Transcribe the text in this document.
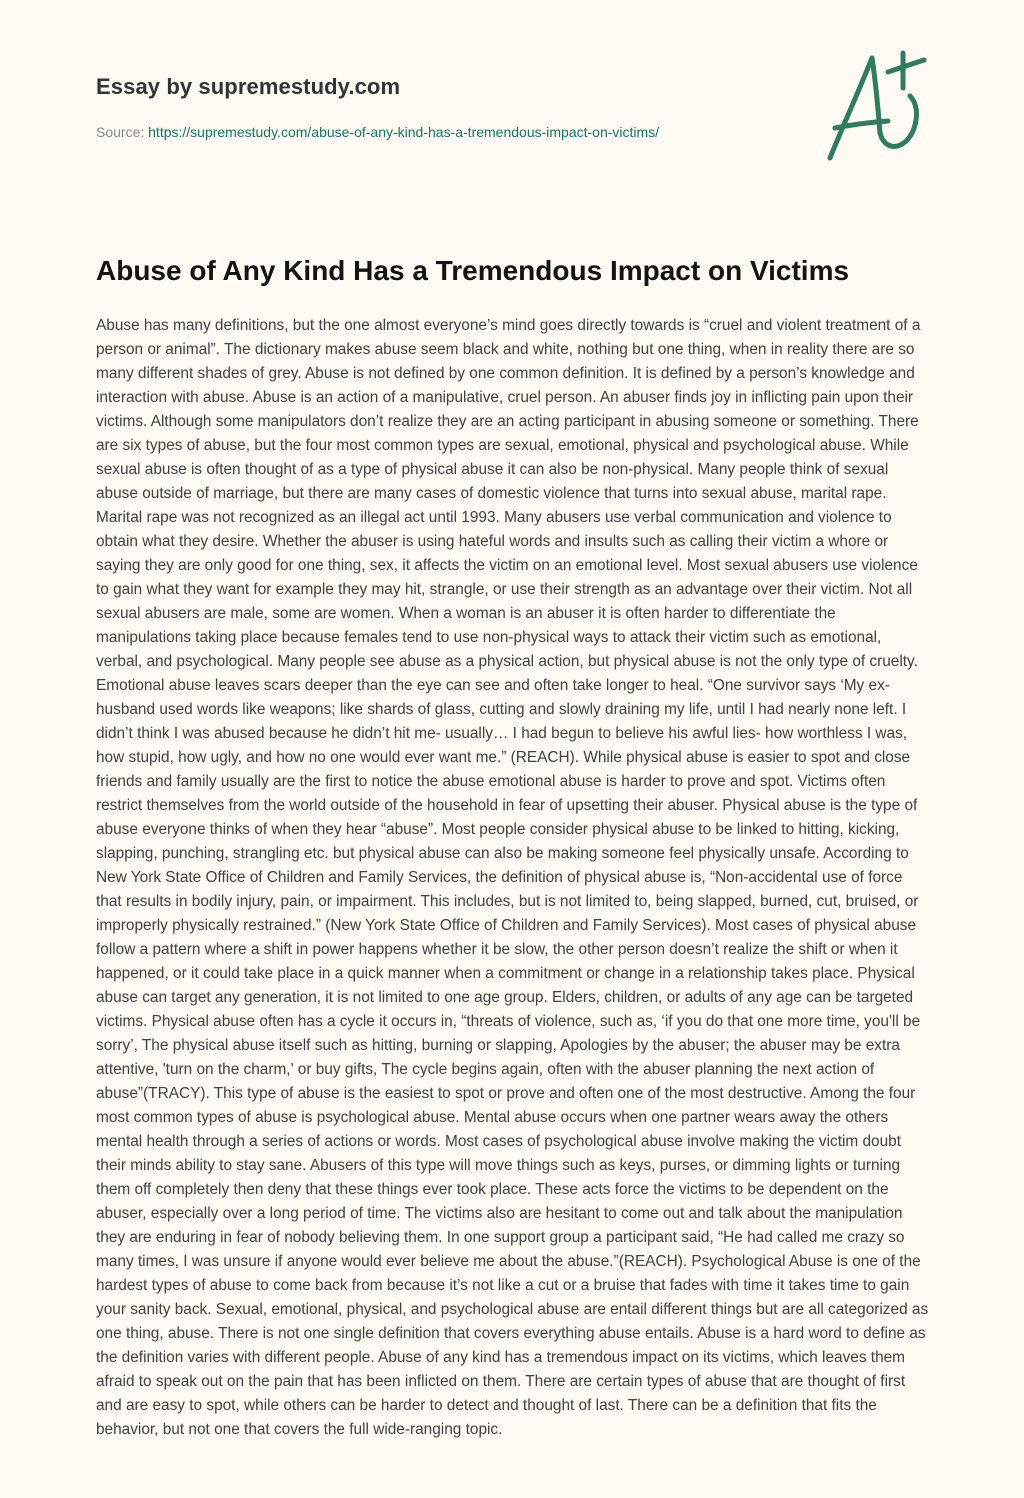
Essay by supremestudy.com
Source: https://supremestudy.com/abuse-of-any-kind-has-a-tremendous-impact-on-victims/
Abuse of Any Kind Has a Tremendous Impact on Victims

Abuse has many definitions, but the one almost everyone’s mind goes directly towards is “cruel and violent treatment of a person or animal”. The dictionary makes abuse seem black and white, nothing but one thing, when in reality there are so many different shades of grey. Abuse is not defined by one common definition. It is defined by a person’s knowledge and interaction with abuse. Abuse is an action of a manipulative, cruel person. An abuser finds joy in inflicting pain upon their victims. Although some manipulators don’t realize they are an acting participant in abusing someone or something. There are six types of abuse, but the four most common types are sexual, emotional, physical and psychological abuse. While sexual abuse is often thought of as a type of physical abuse it can also be non-physical. Many people think of sexual abuse outside of marriage, but there are many cases of domestic violence that turns into sexual abuse, marital rape. Marital rape was not recognized as an illegal act until 1993. Many abusers use verbal communication and violence to obtain what they desire. Whether the abuser is using hateful words and insults such as calling their victim a whore or saying they are only good for one thing, sex, it affects the victim on an emotional level. Most sexual abusers use violence to gain what they want for example they may hit, strangle, or use their strength as an advantage over their victim. Not all sexual abusers are male, some are women. When a woman is an abuser it is often harder to differentiate the manipulations taking place because females tend to use non-physical ways to attack their victim such as emotional, verbal, and psychological. Many people see abuse as a physical action, but physical abuse is not the only type of cruelty. Emotional abuse leaves scars deeper than the eye can see and often take longer to heal. “One survivor says ‘My ex-husband used words like weapons; like shards of glass, cutting and slowly draining my life, until I had nearly none left. I didn’t think I was abused because he didn’t hit me- usually… I had begun to believe his awful lies- how worthless I was, how stupid, how ugly, and how no one would ever want me.” (REACH). While physical abuse is easier to spot and close friends and family usually are the first to notice the abuse emotional abuse is harder to prove and spot. Victims often restrict themselves from the world outside of the household in fear of upsetting their abuser. Physical abuse is the type of abuse everyone thinks of when they hear “abuse”. Most people consider physical abuse to be linked to hitting, kicking, slapping, punching, strangling etc. but physical abuse can also be making someone feel physically unsafe. According to New York State Office of Children and Family Services, the definition of physical abuse is, “Non-accidental use of force that results in bodily injury, pain, or impairment. This includes, but is not limited to, being slapped, burned, cut, bruised, or improperly physically restrained.” (New York State Office of Children and Family Services). Most cases of physical abuse follow a pattern where a shift in power happens whether it be slow, the other person doesn’t realize the shift or when it happened, or it could take place in a quick manner when a commitment or change in a relationship takes place. Physical abuse can target any generation, it is not limited to one age group. Elders, children, or adults of any age can be targeted victims. Physical abuse often has a cycle it occurs in, “threats of violence, such as, ‘if you do that one more time, you'll be sorry’, The physical abuse itself such as hitting, burning or slapping, Apologies by the abuser; the abuser may be extra attentive, 'turn on the charm,' or buy gifts, The cycle begins again, often with the abuser planning the next action of abuse”(TRACY). This type of abuse is the easiest to spot or prove and often one of the most destructive. Among the four most common types of abuse is psychological abuse. Mental abuse occurs when one partner wears away the others mental health through a series of actions or words. Most cases of psychological abuse involve making the victim doubt their minds ability to stay sane. Abusers of this type will move things such as keys, purses, or dimming lights or turning them off completely then deny that these things ever took place. These acts force the victims to be dependent on the abuser, especially over a long period of time. The victims also are hesitant to come out and talk about the manipulation they are enduring in fear of nobody believing them. In one support group a participant said, “He had called me crazy so many times, I was unsure if anyone would ever believe me about the abuse.”(REACH). Psychological Abuse is one of the hardest types of abuse to come back from because it’s not like a cut or a bruise that fades with time it takes time to gain your sanity back. Sexual, emotional, physical, and psychological abuse are entail different things but are all categorized as one thing, abuse. There is not one single definition that covers everything abuse entails. Abuse is a hard word to define as the definition varies with different people. Abuse of any kind has a tremendous impact on its victims, which leaves them afraid to speak out on the pain that has been inflicted on them. There are certain types of abuse that are thought of first and are easy to spot, while others can be harder to detect and thought of last. There can be a definition that fits the behavior, but not one that covers the full wide-ranging topic.
